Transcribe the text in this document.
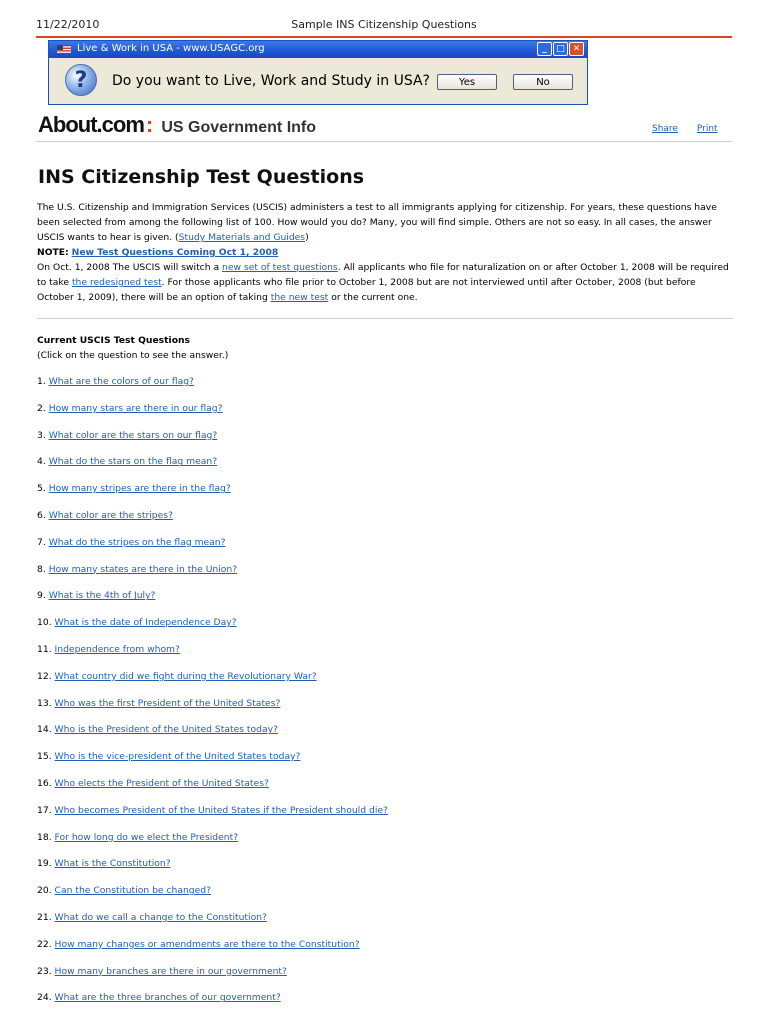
11/22/2010	Sample INS Citizenship Questions
Live & Work in USA - www.USAGC.org	_	□ ✕
?	Do you want to Live, Work and Study in USA?	Yes	No
About.com: US Government Info	Share Print
INS Citizenship Test Questions

The U.S. Citizenship and Immigration Services (USCIS) administers a test to all immigrants applying for citizenship. For years, these questions have been selected from among the following list of 100. How would you do? Many, you will find simple. Others are not so easy. In all cases, the answer USCIS wants to hear is given. (Study Materials and Guides)

NOTE: New Test Questions Coming Oct 1, 2008

On Oct. 1, 2008 The USCIS will switch a new set of test questions. All applicants who file for naturalization on or after October 1, 2008 will be required to take the redesigned test. For those applicants who file prior to October 1, 2008 but are not interviewed until after October, 2008 (but before October 1, 2009), there will be an option of taking the new test or the current one.

Current USCIS Test Questions

(Click on the question to see the answer.)

1. What are the colors of our flag?
2. How many stars are there in our flag?
3. What color are the stars on our flag?
4. What do the stars on the flag mean?
5. How many stripes are there in the flag?
6. What color are the stripes?
7. What do the stripes on the flag mean?
8. How many states are there in the Union?
9. What is the 4th of July?
10. What is the date of Independence Day?
11. Independence from whom?
12. What country did we fight during the Revolutionary War?
13. Who was the first President of the United States?
14. Who is the President of the United States today?
15. Who is the vice-president of the United States today?
16. Who elects the President of the United States?
17. Who becomes President of the United States if the President should die?
18. For how long do we elect the President?
19. What is the Constitution?
20. Can the Constitution be changed?
21. What do we call a change to the Constitution?
22. How many changes or amendments are there to the Constitution?
23. How many branches are there in our government?
24. What are the three branches of our government?
